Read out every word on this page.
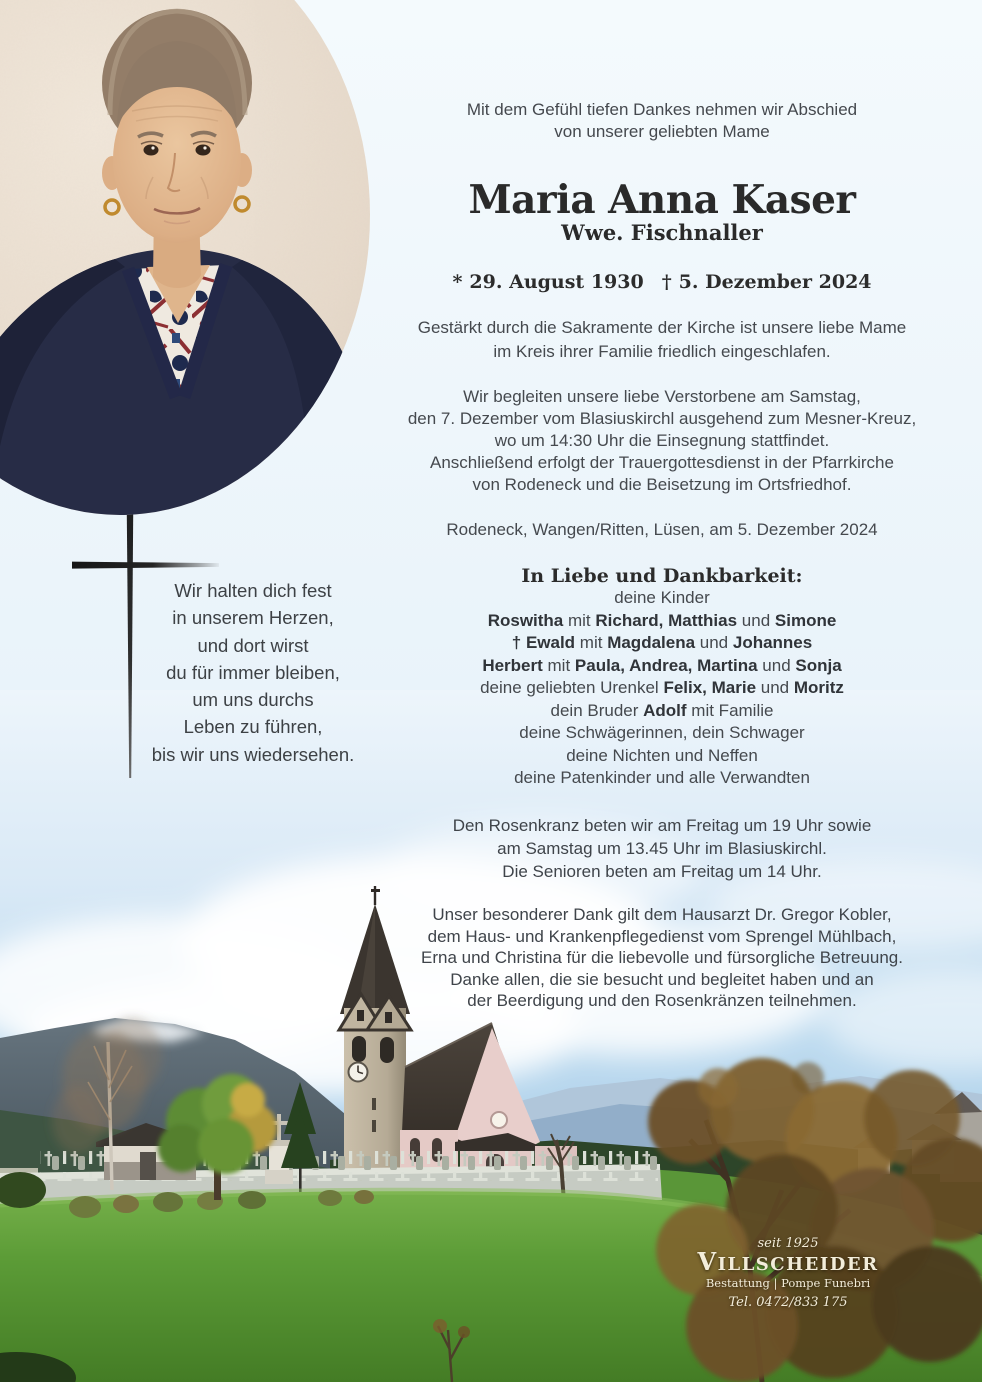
Mit dem Gefühl tiefen Dankes nehmen wir Abschied
von unserer geliebten Mame
Maria Anna Kaser
Wwe. Fischnaller
* 29. August 1930 † 5. Dezember 2024
Gestärkt durch die Sakramente der Kirche ist unsere liebe Mame
im Kreis ihrer Familie friedlich eingeschlafen.
Wir begleiten unsere liebe Verstorbene am Samstag,
den 7. Dezember vom Blasiuskirchl ausgehend zum Mesner-Kreuz,
wo um 14:30 Uhr die Einsegnung stattfindet.
Anschließend erfolgt der Trauergottesdienst in der Pfarrkirche
von Rodeneck und die Beisetzung im Ortsfriedhof.
Rodeneck, Wangen/Ritten, Lüsen, am 5. Dezember 2024
Wir halten dich fest
in unserem Herzen,
und dort wirst
du für immer bleiben,
um uns durchs
Leben zu führen,
bis wir uns wiedersehen.
In Liebe und Dankbarkeit:
deine Kinder
Roswitha mit Richard, Matthias und Simone
† Ewald mit Magdalena und Johannes
Herbert mit Paula, Andrea, Martina und Sonja
deine geliebten Urenkel Felix, Marie und Moritz
dein Bruder Adolf mit Familie
deine Schwägerinnen, dein Schwager
deine Nichten und Neffen
deine Patenkinder und alle Verwandten
Den Rosenkranz beten wir am Freitag um 19 Uhr sowie
am Samstag um 13.45 Uhr im Blasiuskirchl.
Die Senioren beten am Freitag um 14 Uhr.
Unser besonderer Dank gilt dem Hausarzt Dr. Gregor Kobler,
dem Haus- und Krankenpflegedienst vom Sprengel Mühlbach,
Erna und Christina für die liebevolle und fürsorgliche Betreuung.
Danke allen, die sie besucht und begleitet haben und an
der Beerdigung und den Rosenkränzen teilnehmen.
seit 1925
VILLSCHEIDER
Bestattung | Pompe Funebri
Tel. 0472/833 175
